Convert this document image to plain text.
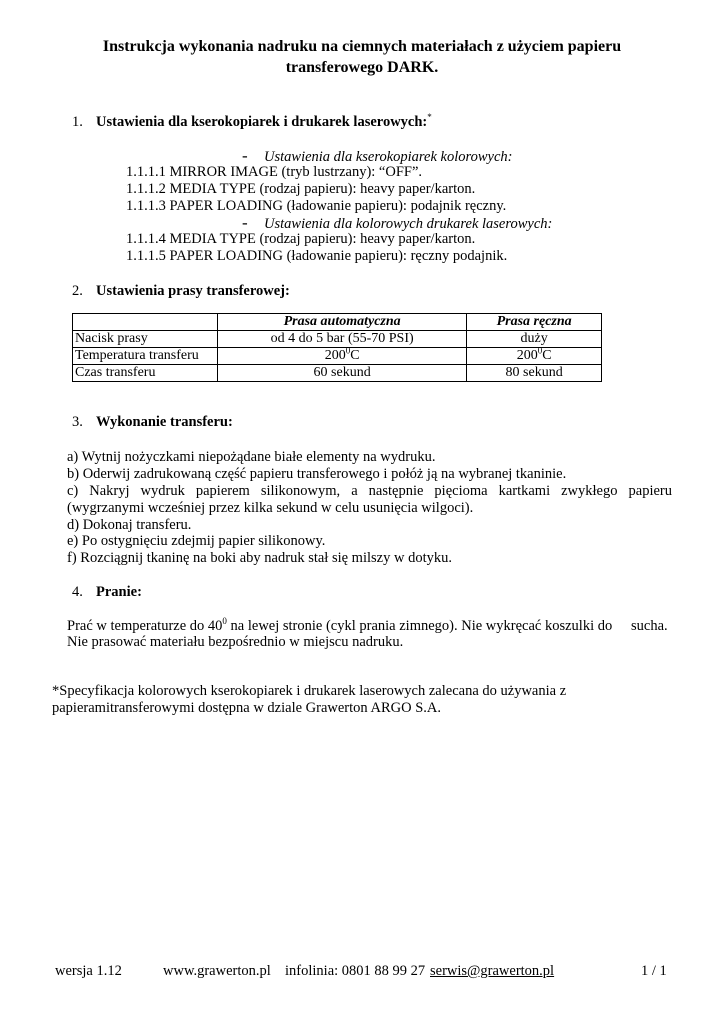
Instrukcja wykonania nadruku na ciemnych materiałach z użyciem papieru
transferowego DARK.
1. Ustawienia dla kserokopiarek i drukarek laserowych:*
- Ustawienia dla kserokopiarek kolorowych:
1.1.1.1 MIRROR IMAGE (tryb lustrzany): “OFF”.
1.1.1.2 MEDIA TYPE (rodzaj papieru): heavy paper/karton.
1.1.1.3 PAPER LOADING (ładowanie papieru): podajnik ręczny.
- Ustawienia dla kolorowych drukarek laserowych:
1.1.1.4 MEDIA TYPE (rodzaj papieru): heavy paper/karton.
1.1.1.5 PAPER LOADING (ładowanie papieru): ręczny podajnik.
2. Ustawienia prasy transferowej:
	Prasa automatyczna	Prasa ręczna
Nacisk prasy	od 4 do 5 bar (55-70 PSI)	duży
Temperatura transferu	$200^0C$	$200^0C$
Czas transferu	60 sekund	80 sekund
3. Wykonanie transferu:
a) Wytnij nożyczkami niepożądane białe elementy na wydruku.
b) Oderwij zadrukowaną część papieru transferowego i połóż ją na wybranej tkaninie.
c) Nakryj wydruk papierem silikonowym, a następnie pięcioma kartkami zwykłego papieru (wygrzanymi wcześniej przez kilka sekund w celu usunięcia wilgoci).
d) Dokonaj transferu.
e) Po ostygnięciu zdejmij papier silikonowy.
f) Rozciągnij tkaninę na boki aby nadruk stał się milszy w dotyku.
4. Pranie:
Prać w temperaturze do $40^0$ na lewej stronie (cykl prania zimnego). Nie wykręcać koszulki do sucha.
Nie prasować materiału bezpośrednio w miejscu nadruku.
*Specyfikacja kolorowych kserokopiarek i drukarek laserowych zalecana do używania z
papieramitransferowymi dostępna w dziale Grawerton ARGO S.A.
wersja 1.12	www.grawerton.pl infolinia: 0801 88 99 27 serwis@grawerton.pl	1 / 1
